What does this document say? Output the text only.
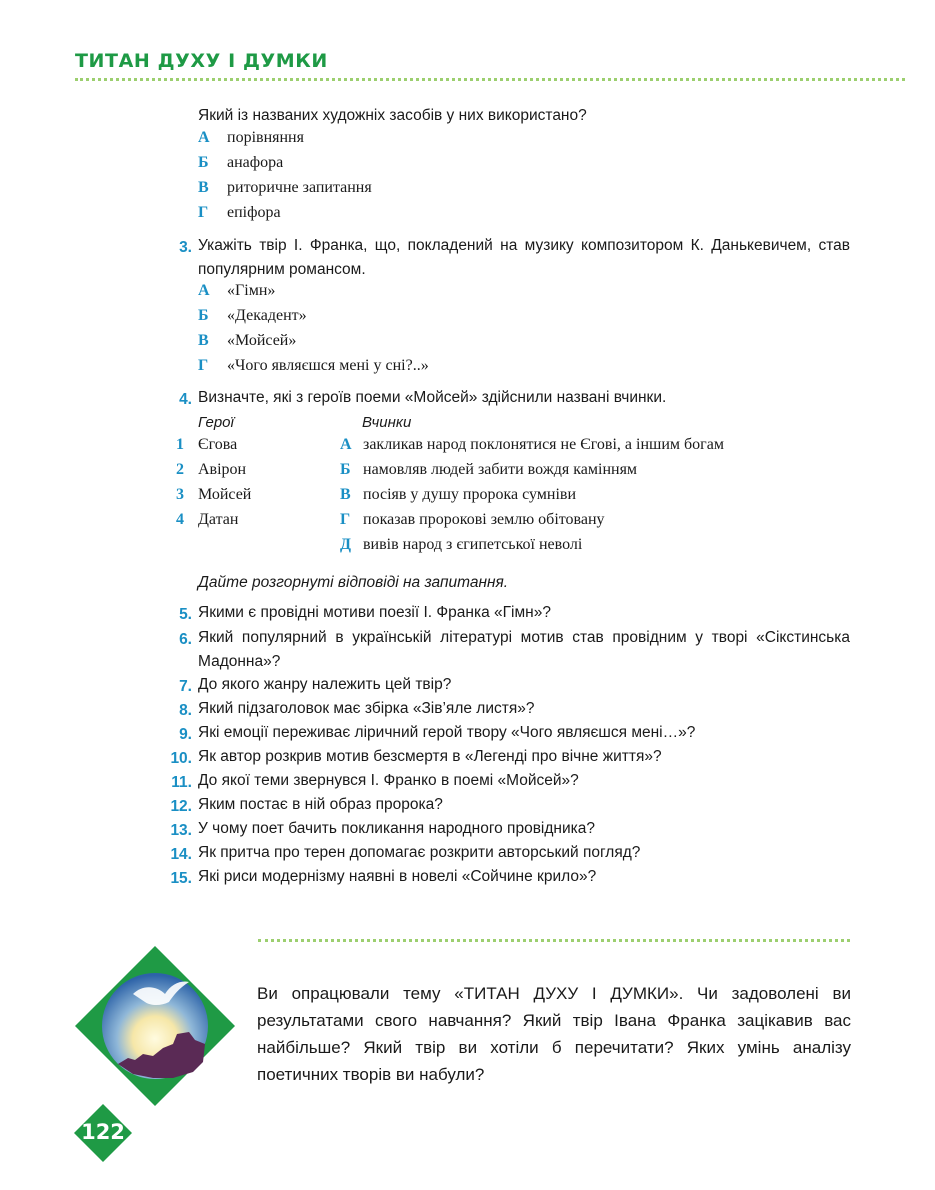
ТИТАН ДУХУ І ДУМКИ
Який із названих художніх засобів у них використано?
А порівняння
Б анафора
В риторичне запитання
Г епіфора
3. Укажіть твір І. Франка, що, покладений на музику композитором К. Данькевичем, став популярним романсом.
А «Гімн»
Б «Декадент»
В «Мойсей»
Г «Чого являєшся мені у сні?..»
4. Визначте, які з героїв поеми «Мойсей» здійснили названі вчинки.
Герої	Вчинки
1 Єгова
2 Авірон
3 Мойсей
4 Датан
А закликав народ поклонятися не Єгові, а іншим богам
Б намовляв людей забити вождя камінням
В посіяв у душу пророка сумніви
Г показав пророкові землю обітовану
Д вивів народ з єгипетської неволі
Дайте розгорнуті відповіді на запитання.
5. Якими є провідні мотиви поезії І. Франка «Гімн»?
6. Який популярний в українській літературі мотив став провідним у творі «Сікстинська Мадонна»?
7. До якого жанру належить цей твір?
8. Який підзаголовок має збірка «Зів’яле листя»?
9. Які емоції переживає ліричний герой твору «Чого являєшся мені…»?
10. Як автор розкрив мотив безсмертя в «Легенді про вічне життя»?
11. До якої теми звернувся І. Франко в поемі «Мойсей»?
12. Яким постає в ній образ пророка?
13. У чому поет бачить покликання народного провідника?
14. Як притча про терен допомагає розкрити авторський погляд?
15. Які риси модернізму наявні в новелі «Сойчине крило»?
122
Ви опрацювали тему «ТИТАН ДУХУ І ДУМКИ». Чи задоволені ви результатами свого навчання? Який твір Івана Франка зацікавив вас найбільше? Який твір ви хотіли б перечитати? Яких умінь аналізу поетичних творів ви набули?
